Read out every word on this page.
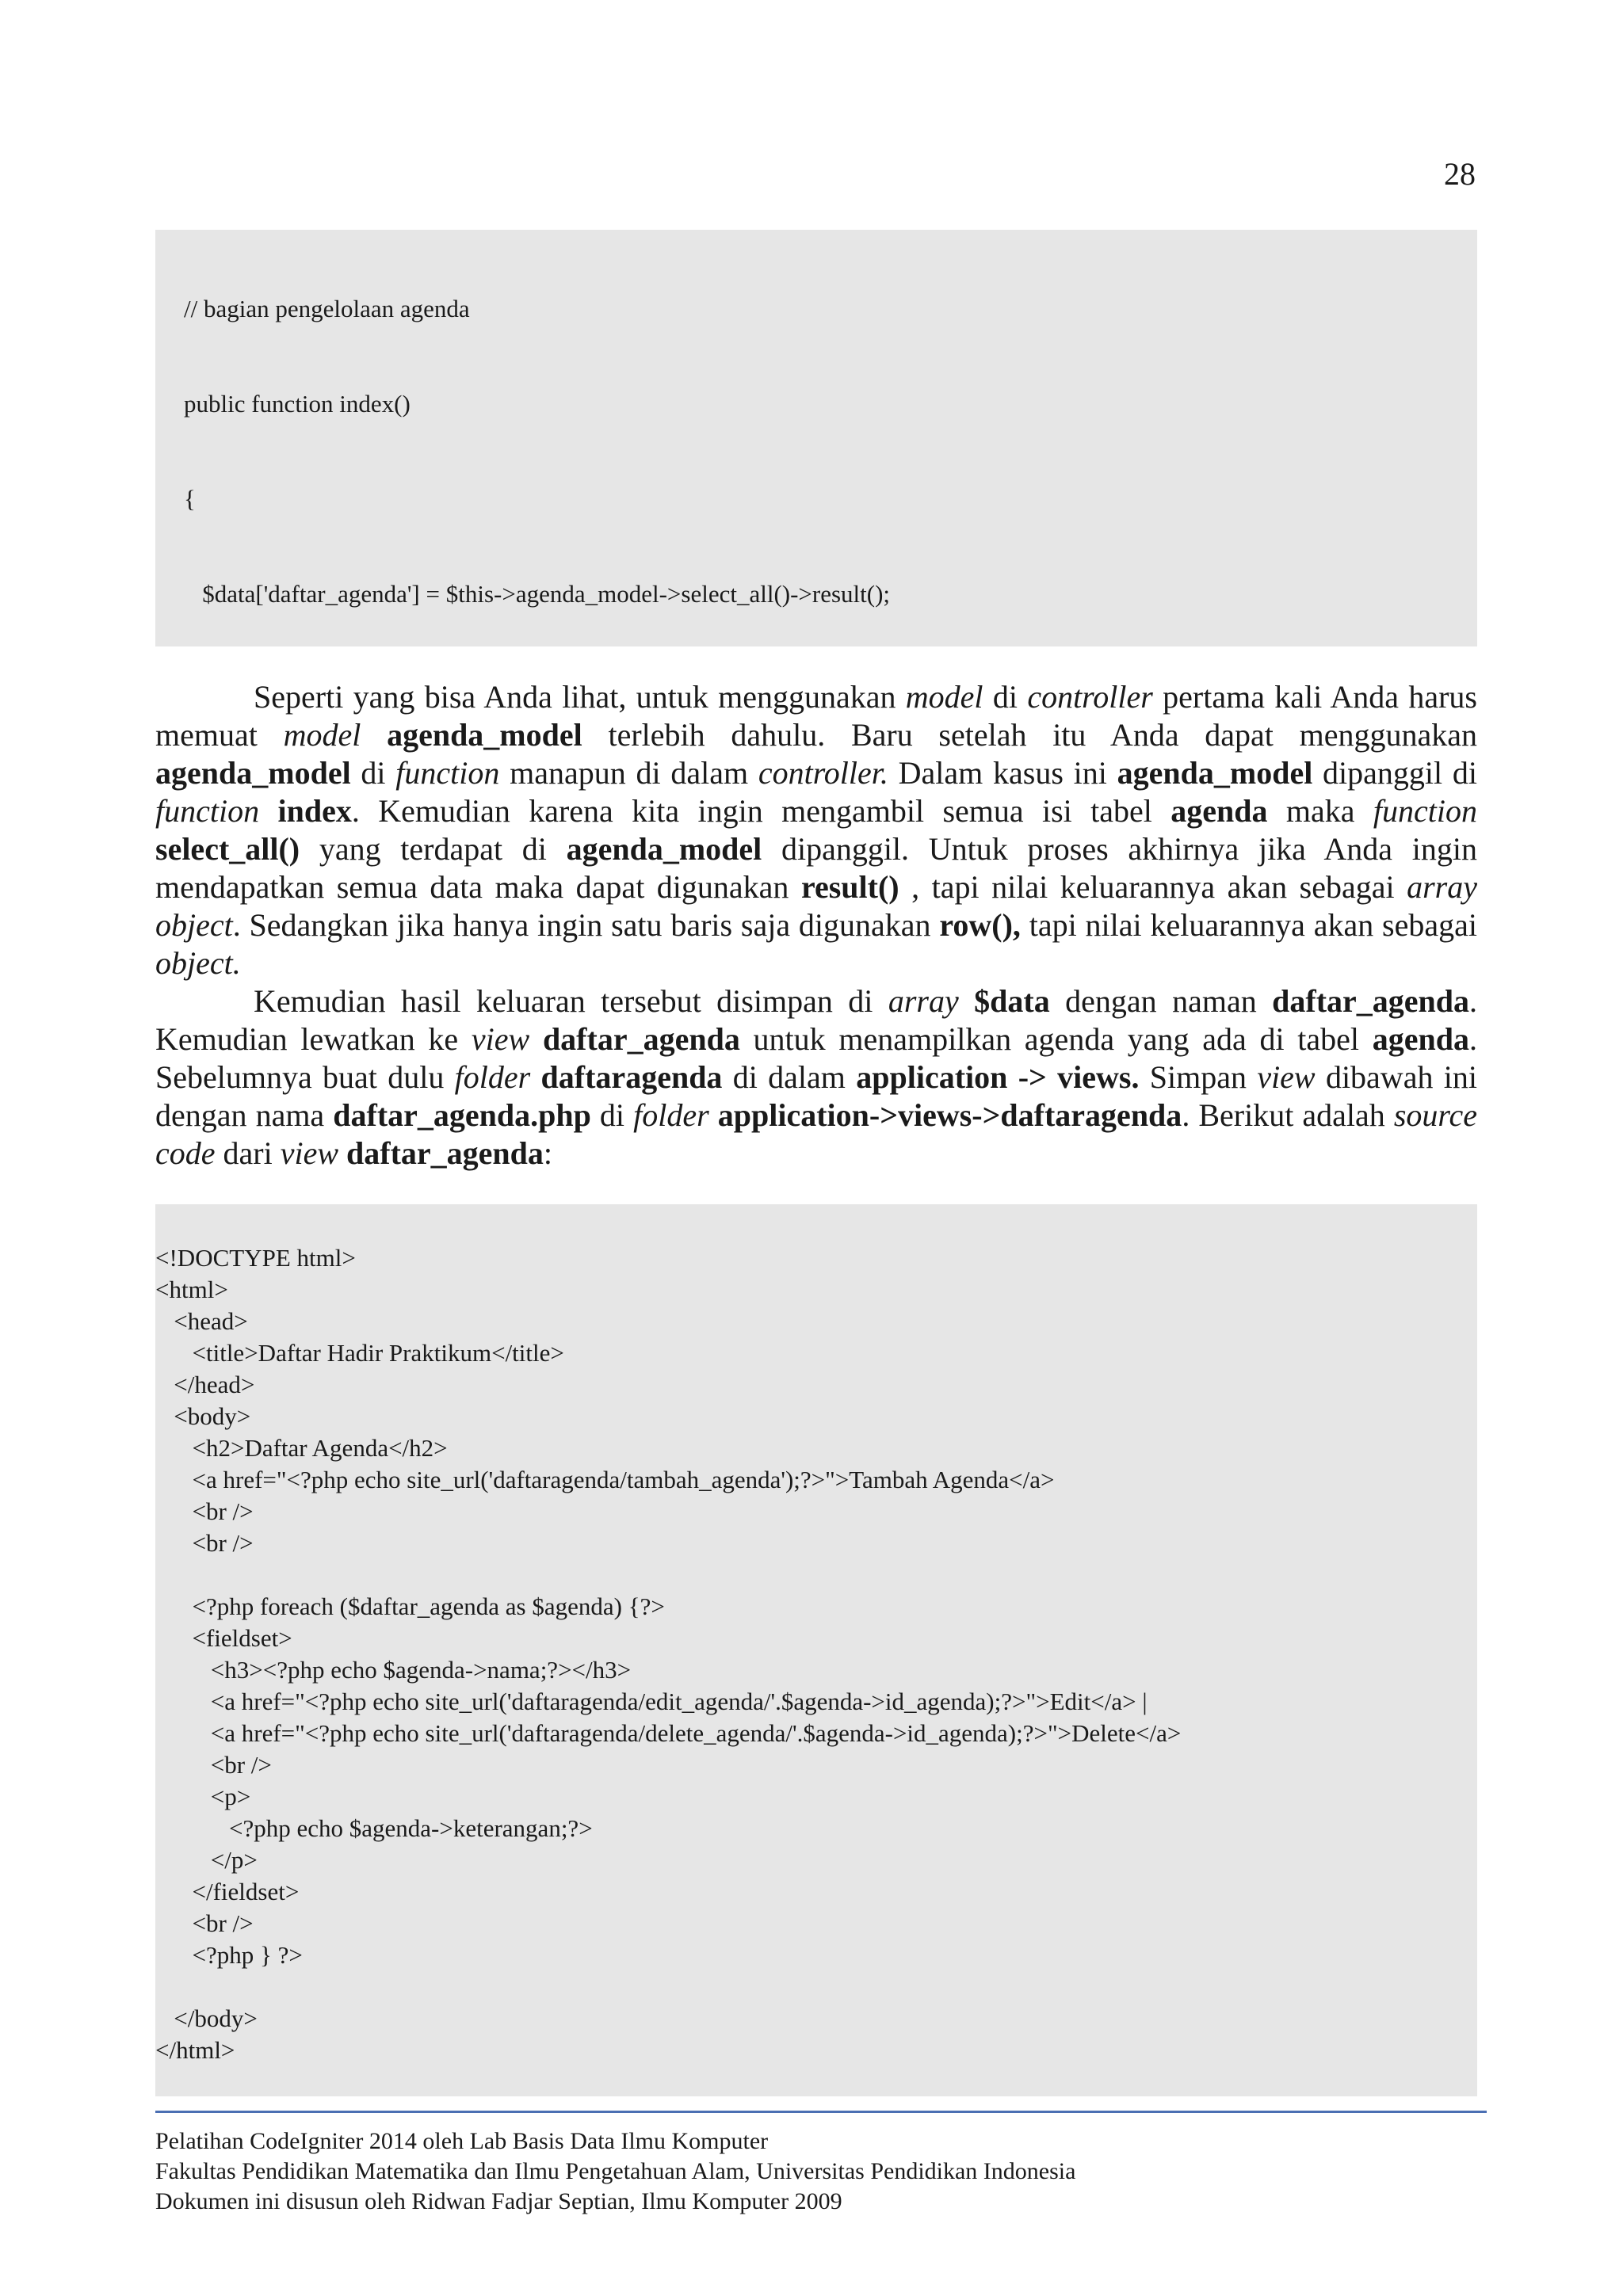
28

// bagian pengelolaan agenda

public function index()

{

$data['daftar_agenda'] = $this->agenda_model->select_all()->result();

Seperti yang bisa Anda lihat, untuk menggunakan model di controller pertama kali Anda harus memuat model agenda_model terlebih dahulu. Baru setelah itu Anda dapat menggunakan agenda_model di function manapun di dalam controller. Dalam kasus ini agenda_model dipanggil di function index. Kemudian karena kita ingin mengambil semua isi tabel agenda maka function select_all() yang terdapat di agenda_model dipanggil. Untuk proses akhirnya jika Anda ingin mendapatkan semua data maka dapat digunakan result() , tapi nilai keluarannya akan sebagai array object. Sedangkan jika hanya ingin satu baris saja digunakan row(), tapi nilai keluarannya akan sebagai object.

Kemudian hasil keluaran tersebut disimpan di array $data dengan naman daftar_agenda. Kemudian lewatkan ke view daftar_agenda untuk menampilkan agenda yang ada di tabel agenda. Sebelumnya buat dulu folder daftaragenda di dalam application -> views. Simpan view dibawah ini dengan nama daftar_agenda.php di folder application->views->daftaragenda. Berikut adalah source code dari view daftar_agenda:

<!DOCTYPE html>
<html>
<head>
<title>Daftar Hadir Praktikum</title>
</head>
<body>
<h2>Daftar Agenda</h2>
<a href="<?php echo site_url('daftaragenda/tambah_agenda');?>">Tambah Agenda</a>
<br />
<br />
<?php foreach ($daftar_agenda as $agenda) {?>
<fieldset>
<h3><?php echo $agenda->nama;?></h3>
<a href="<?php echo site_url('daftaragenda/edit_agenda/'.$agenda->id_agenda);?>">Edit</a> |
<a href="<?php echo site_url('daftaragenda/delete_agenda/'.$agenda->id_agenda);?>">Delete</a>
<br />
<p>
<?php echo $agenda->keterangan;?>
</p>
</fieldset>
<br />
<?php } ?>
</body>
</html>
Pelatihan CodeIgniter 2014 oleh Lab Basis Data Ilmu Komputer
Fakultas Pendidikan Matematika dan Ilmu Pengetahuan Alam, Universitas Pendidikan Indonesia
Dokumen ini disusun oleh Ridwan Fadjar Septian, Ilmu Komputer 2009
